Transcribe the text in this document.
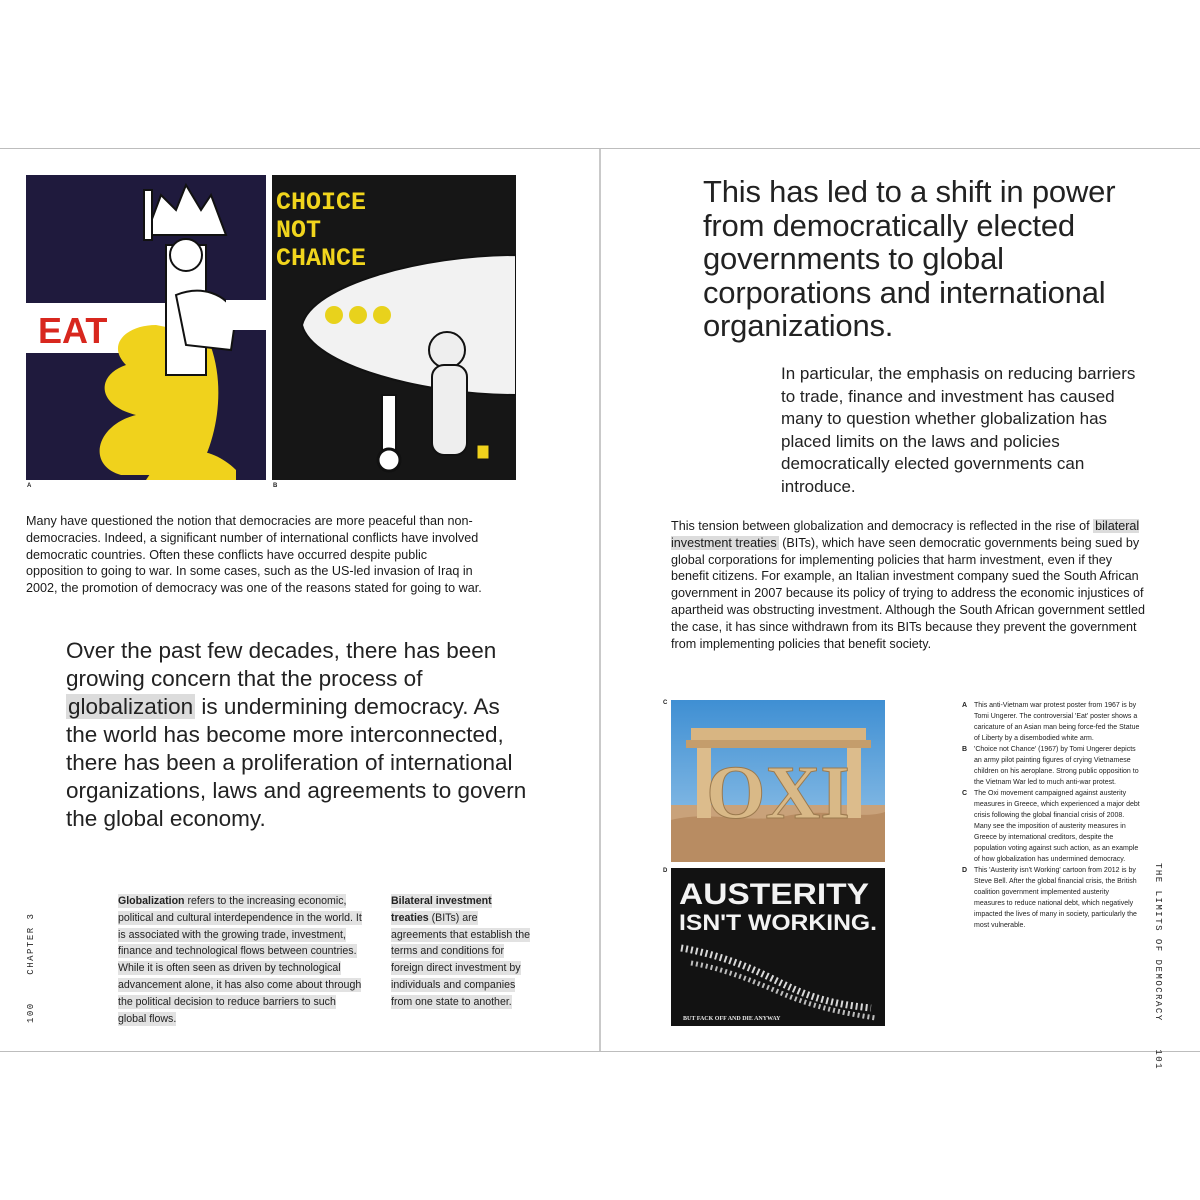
EAT
A
CHOICE
NOT
CHANCE
B
Many have questioned the notion that democracies are more peaceful than non-democracies. Indeed, a significant number of international conflicts have involved democratic countries. Often these conflicts have occurred despite public opposition to going to war. In some cases, such as the US-led invasion of Iraq in 2002, the promotion of democracy was one of the reasons stated for going to war.
Over the past few decades, there has been growing concern that the process of globalization is undermining democracy. As the world has become more interconnected, there has been a proliferation of international organizations, laws and agreements to govern the global economy.
Globalization refers to the increasing economic, political and cultural interdependence in the world. It is associated with the growing trade, investment, finance and technological flows between countries. While it is often seen as driven by technological advancement alone, it has also come about through the political decision to reduce barriers to such global flows.
Bilateral investment treaties (BITs) are agreements that establish the terms and conditions for foreign direct investment by individuals and companies from one state to another.
100    CHAPTER 3
This has led to a shift in power from democratically elected governments to global corporations and international organizations.
In particular, the emphasis on reducing barriers to trade, finance and investment has caused many to question whether globalization has placed limits on the laws and policies democratically elected governments can introduce.
This tension between globalization and democracy is reflected in the rise of bilateral investment treaties (BITs), which have seen democratic governments being sued by global corporations for implementing policies that harm investment, even if they benefit citizens. For example, an Italian investment company sued the South African government in 2007 because its policy of trying to address the economic injustices of apartheid was obstructing investment. Although the South African government settled the case, it has since withdrawn from its BITs because they prevent the government from implementing policies that benefit society.
C
OXI
D
AUSTERITY
ISN'T WORKING.
BUT FACK OFF AND DIE ANYWAY
A This anti-Vietnam war protest poster from 1967 is by Tomi Ungerer. The controversial 'Eat' poster shows a caricature of an Asian man being force-fed the Statue of Liberty by a disembodied white arm.
B 'Choice not Chance' (1967) by Tomi Ungerer depicts an army pilot painting figures of crying Vietnamese children on his aeroplane. Strong public opposition to the Vietnam War led to much anti-war protest.
C The Oxi movement campaigned against austerity measures in Greece, which experienced a major debt crisis following the global financial crisis of 2008. Many see the imposition of austerity measures in Greece by international creditors, despite the population voting against such action, as an example of how globalization has undermined democracy.
D This 'Austerity isn't Working' cartoon from 2012 is by Steve Bell. After the global financial crisis, the British coalition government implemented austerity measures to reduce national debt, which negatively impacted the lives of many in society, particularly the most vulnerable.	THE LIMITS OF DEMOCRACY    101
